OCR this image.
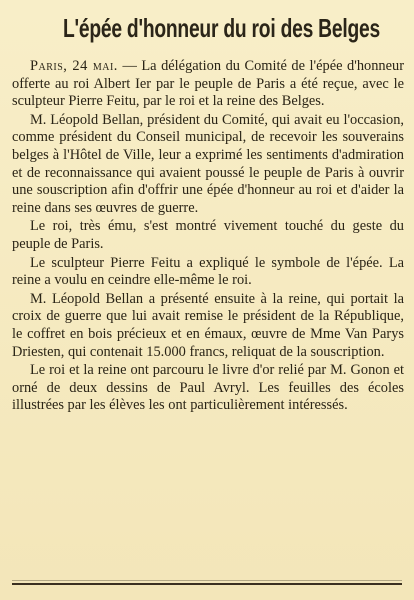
L'épée d'honneur du roi des Belges

Paris, 24 mai. — La délégation du Comité de l'épée d'honneur offerte au roi Albert Ier par le peuple de Paris a été reçue, avec le sculpteur Pierre Feitu, par le roi et la reine des Belges.

M. Léopold Bellan, président du Comité, qui avait eu l'occasion, comme président du Conseil municipal, de recevoir les souverains belges à l'Hôtel de Ville, leur a exprimé les sentiments d'admiration et de reconnaissance qui avaient poussé le peuple de Paris à ouvrir une souscription afin d'offrir une épée d'honneur au roi et d'aider la reine dans ses œuvres de guerre.

Le roi, très ému, s'est montré vivement touché du geste du peuple de Paris.

Le sculpteur Pierre Feitu a expliqué le symbole de l'épée. La reine a voulu en ceindre elle-même le roi.

M. Léopold Bellan a présenté ensuite à la reine, qui portait la croix de guerre que lui avait remise le président de la République, le coffret en bois précieux et en émaux, œuvre de Mme Van Parys Driesten, qui contenait 15.000 francs, reliquat de la souscription.

Le roi et la reine ont parcouru le livre d'or relié par M. Gonon et orné de deux dessins de Paul Avryl. Les feuilles des écoles illustrées par les élèves les ont particulièrement intéressés.
